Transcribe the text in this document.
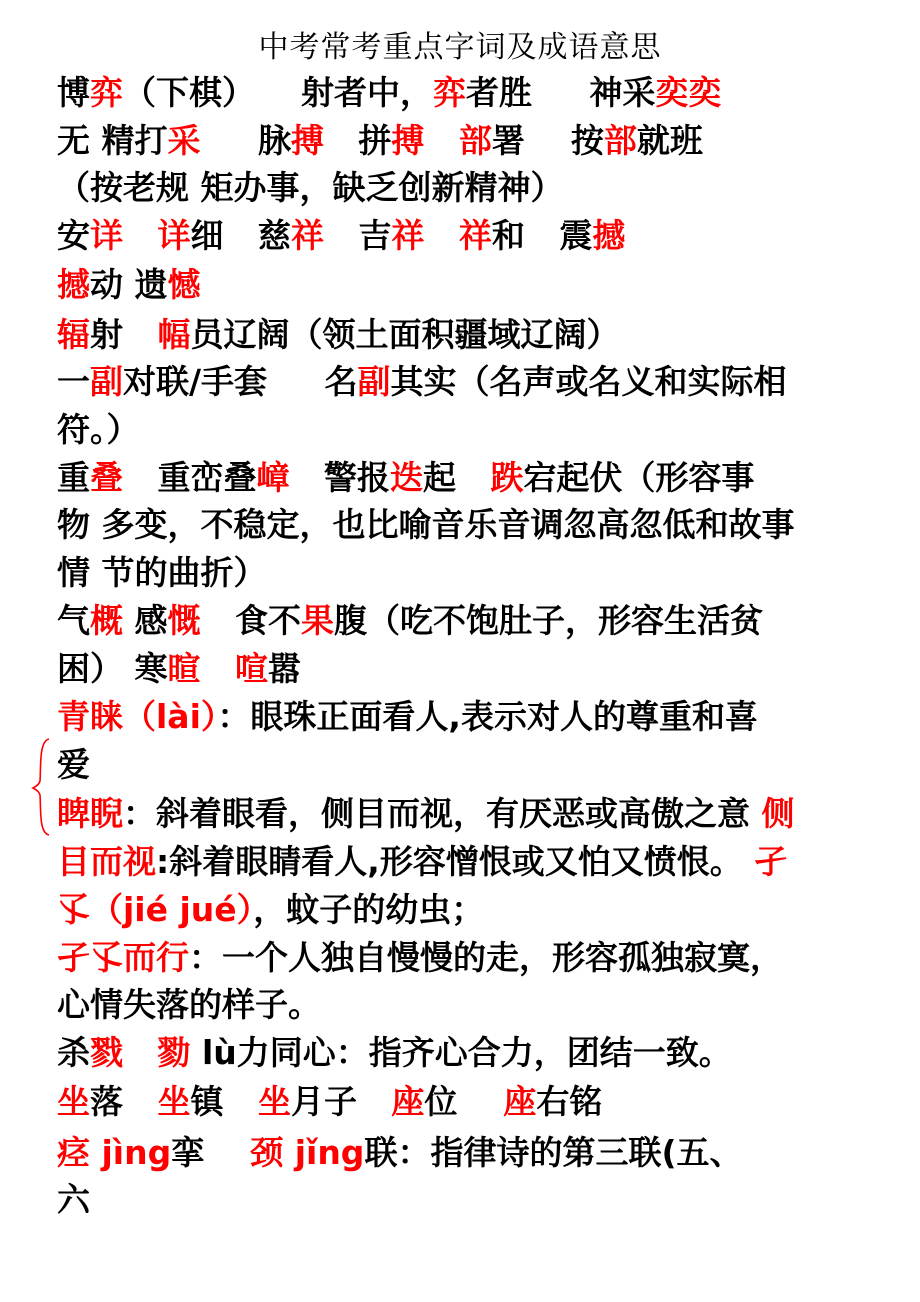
中考常考重点字词及成语意思
博弈（下棋）    射者中，弈者胜     神采奕奕
无 精打采     脉搏   拼搏 部署    按部就班
（按老规 矩办事，缺乏创新精神）
安详 详细   慈祥   吉祥 祥和   震撼
撼动 遗憾
辐射   幅员辽阔（领土面积疆域辽阔）
一副对联/手套     名副其实（名声或名义和实际相
符。）
重叠   重峦叠嶂   警报迭起   跌宕起伏（形容事
物 多变，不稳定，也比喻音乐音调忽高忽低和故事
情 节的曲折）
气概 感慨   食不果腹（吃不饱肚子，形容生活贫
困） 寒暄 喧嚣
青睐（lài）：眼珠正面看人,表示对人的尊重和喜
爱
睥睨：斜着眼看，侧目而视，有厌恶或高傲之意 侧
目而视:斜着眼睛看人,形容憎恨或又怕又愤恨。 孑
孓（jié jué），蚊子的幼虫；
孑孓而行：一个人独自慢慢的走，形容孤独寂寞，
心情失落的样子。
杀戮 勠 lù力同心：指齐心合力，团结一致。
坐落   坐镇   坐月子   座位    座右铭
痉 jìng挛    颈 jǐng联：指律诗的第三联(五、
六
